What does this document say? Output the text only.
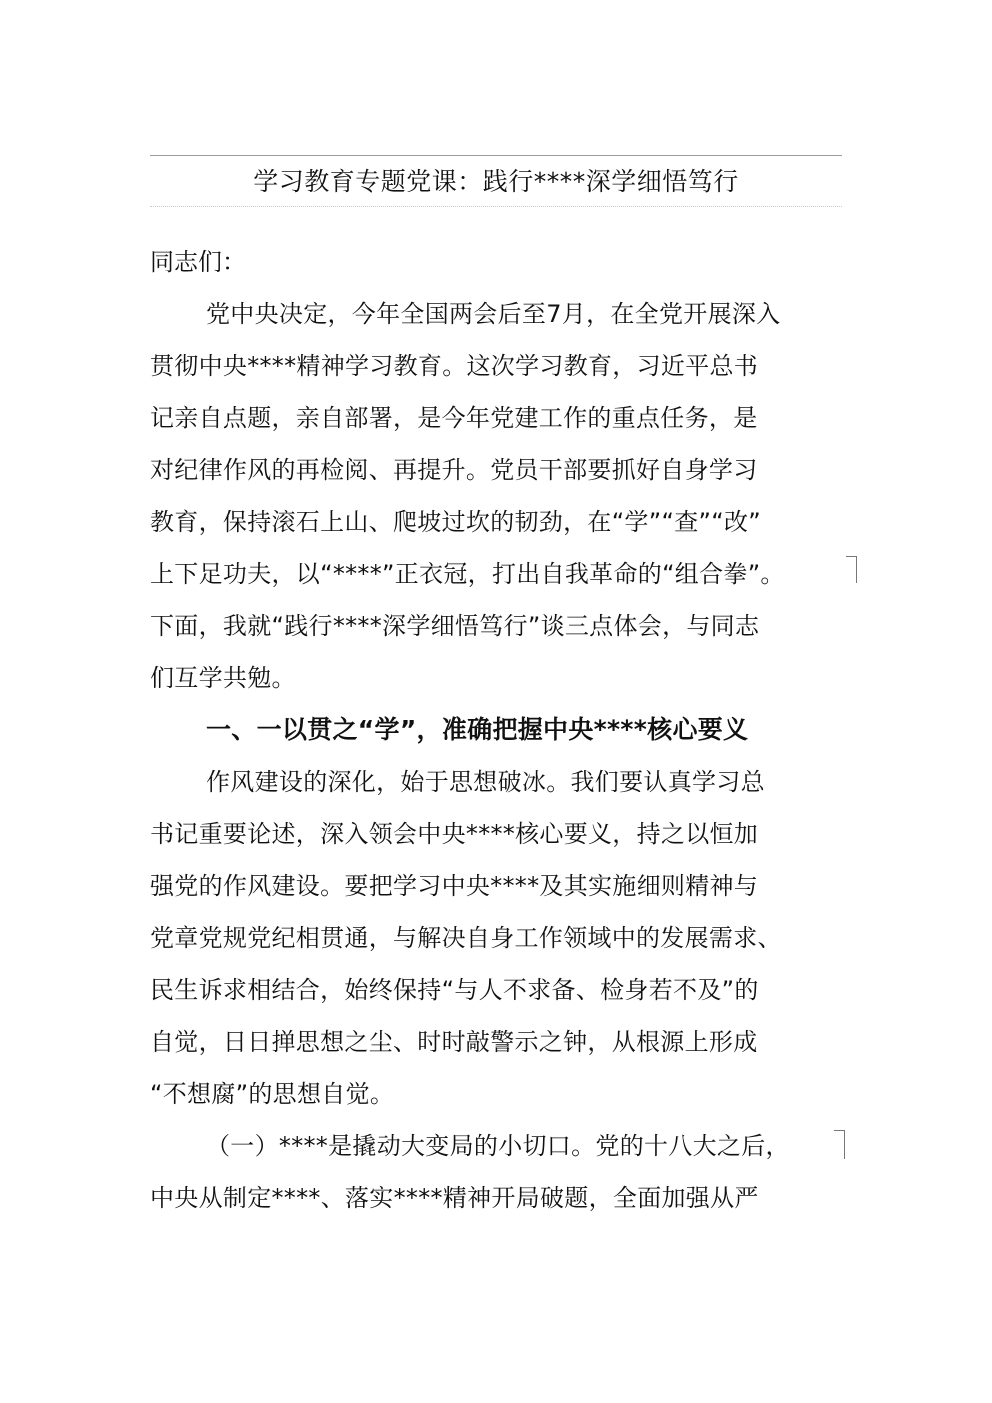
学习教育专题党课：践行****深学细悟笃行
同志们：
党中央决定，今年全国两会后至7月，在全党开展深入
贯彻中央****精神学习教育。这次学习教育，习近平总书
记亲自点题，亲自部署，是今年党建工作的重点任务，是
对纪律作风的再检阅、再提升。党员干部要抓好自身学习
教育，保持滚石上山、爬坡过坎的韧劲，在“学”“查”“改”
上下足功夫，以“****”正衣冠，打出自我革命的“组合拳”。
下面，我就“践行****深学细悟笃行”谈三点体会，与同志
们互学共勉。
一、一以贯之“学”，准确把握中央****核心要义
作风建设的深化，始于思想破冰。我们要认真学习总
书记重要论述，深入领会中央****核心要义，持之以恒加
强党的作风建设。要把学习中央****及其实施细则精神与
党章党规党纪相贯通，与解决自身工作领域中的发展需求、
民生诉求相结合，始终保持“与人不求备、检身若不及”的
自觉，日日掸思想之尘、时时敲警示之钟，从根源上形成
“不想腐”的思想自觉。
（一）****是撬动大变局的小切口。党的十八大之后，
中央从制定****、落实****精神开局破题，全面加强从严
